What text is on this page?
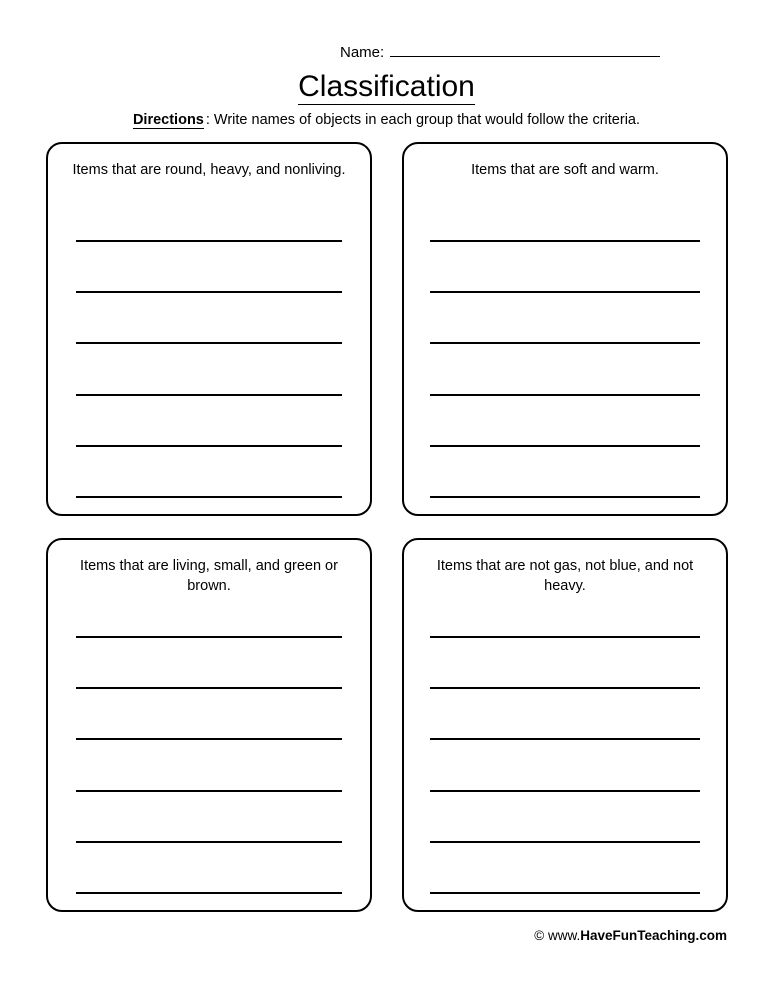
Name:
Classification
Directions : Write names of objects in each group that would follow the criteria.
Items that are round, heavy, and nonliving.	Items that are soft and warm.
Items that are living, small, and green or brown.
Items that are not gas, not blue, and not heavy.
© www.HaveFunTeaching.com
